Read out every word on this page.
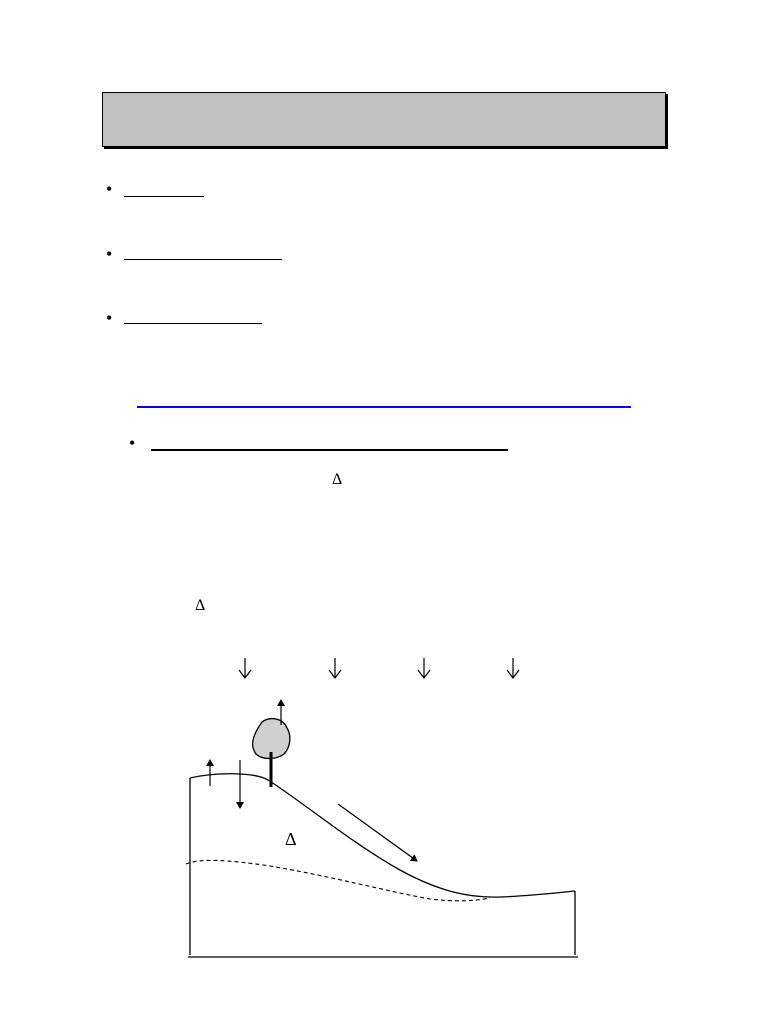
•
•
•
•
Δ
Δ
Δ
